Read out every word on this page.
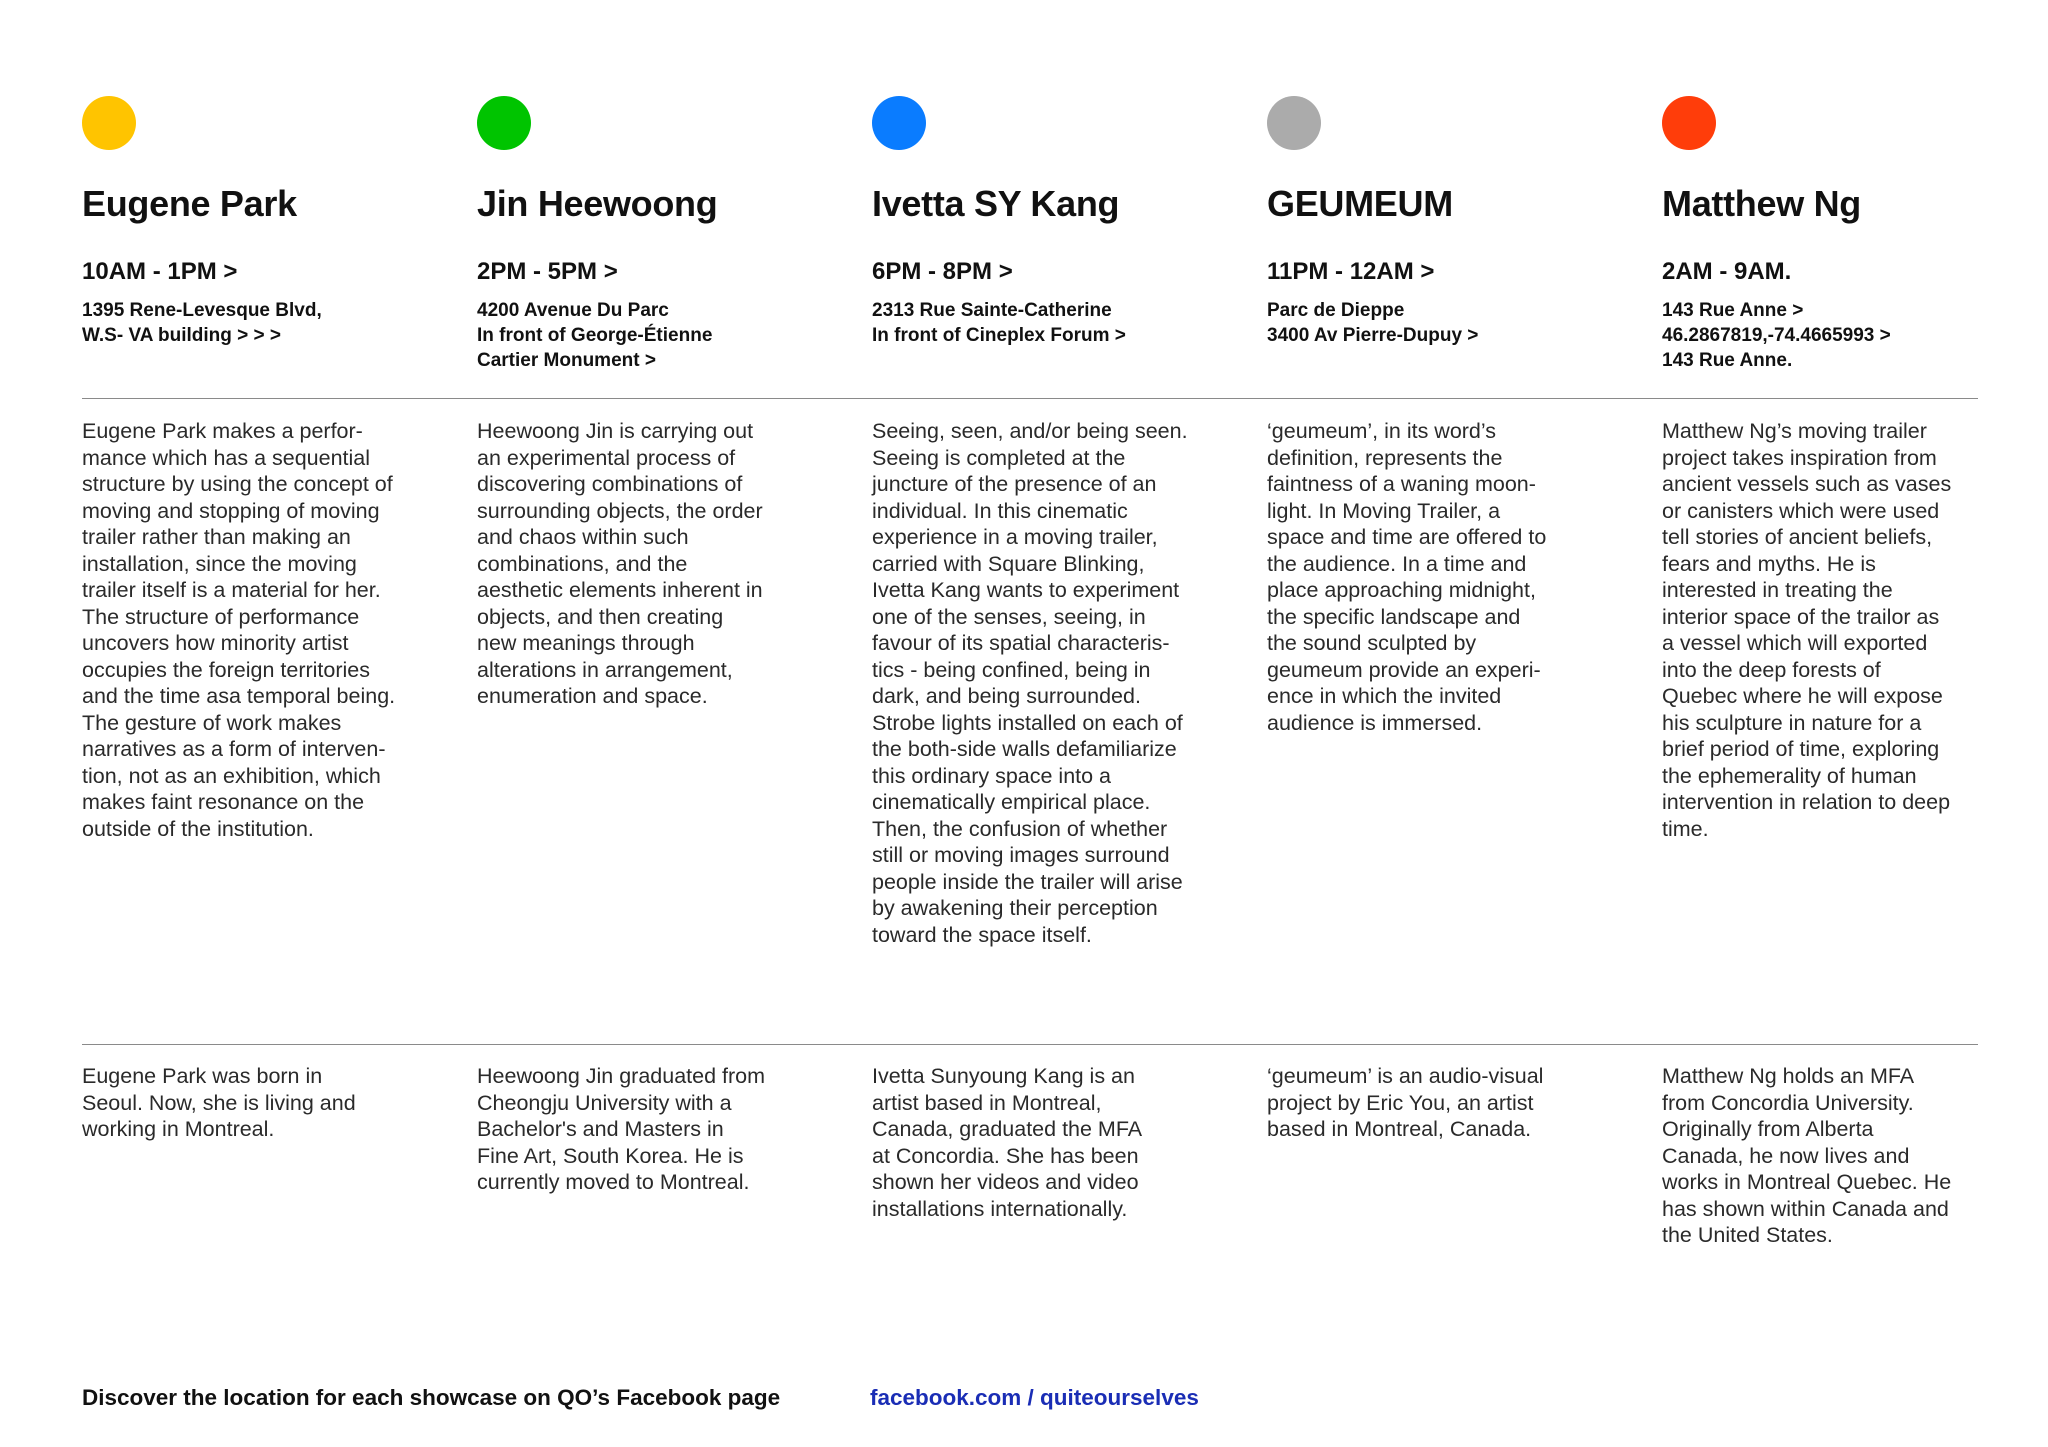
Eugene Park
10AM - 1PM >
1395 Rene-Levesque Blvd,
W.S- VA building > > >
Eugene Park makes a perfor-
mance which has a sequential
structure by using the concept of
moving and stopping of moving
trailer rather than making an
installation, since the moving
trailer itself is a material for her.
The structure of performance
uncovers how minority artist
occupies the foreign territories
and the time asa temporal being.
The gesture of work makes
narratives as a form of interven-
tion, not as an exhibition, which
makes faint resonance on the
outside of the institution.
Eugene Park was born in
Seoul. Now, she is living and
working in Montreal.
Jin Heewoong
2PM - 5PM >
4200 Avenue Du Parc
In front of George-Étienne
Cartier Monument >
Heewoong Jin is carrying out
an experimental process of
discovering combinations of
surrounding objects, the order
and chaos within such
combinations, and the
aesthetic elements inherent in
objects, and then creating
new meanings through
alterations in arrangement,
enumeration and space.
Heewoong Jin graduated from
Cheongju University with a
Bachelor's and Masters in
Fine Art, South Korea. He is
currently moved to Montreal.
Ivetta SY Kang
6PM - 8PM >
2313 Rue Sainte-Catherine
In front of Cineplex Forum >
Seeing, seen, and/or being seen.
Seeing is completed at the
juncture of the presence of an
individual. In this cinematic
experience in a moving trailer,
carried with Square Blinking,
Ivetta Kang wants to experiment
one of the senses, seeing, in
favour of its spatial characteris-
tics - being confined, being in
dark, and being surrounded.
Strobe lights installed on each of
the both-side walls defamiliarize
this ordinary space into a
cinematically empirical place.
Then, the confusion of whether
still or moving images surround
people inside the trailer will arise
by awakening their perception
toward the space itself.
Ivetta Sunyoung Kang is an
artist based in Montreal,
Canada, graduated the MFA
at Concordia. She has been
shown her videos and video
installations internationally.
GEUMEUM
11PM - 12AM >
Parc de Dieppe
3400 Av Pierre-Dupuy >
‘geumeum’, in its word’s
definition, represents the
faintness of a waning moon-
light. In Moving Trailer, a
space and time are offered to
the audience. In a time and
place approaching midnight,
the specific landscape and
the sound sculpted by
geumeum provide an experi-
ence in which the invited
audience is immersed.
‘geumeum’ is an audio-visual
project by Eric You, an artist
based in Montreal, Canada.
Matthew Ng
2AM - 9AM.
143 Rue Anne >
46.2867819,-74.4665993 >
143 Rue Anne.
Matthew Ng’s moving trailer
project takes inspiration from
ancient vessels such as vases
or canisters which were used
tell stories of ancient beliefs,
fears and myths. He is
interested in treating the
interior space of the trailor as
a vessel which will exported
into the deep forests of
Quebec where he will expose
his sculpture in nature for a
brief period of time, exploring
the ephemerality of human
intervention in relation to deep
time.
Matthew Ng holds an MFA
from Concordia University.
Originally from Alberta
Canada, he now lives and
works in Montreal Quebec. He
has shown within Canada and
the United States.
Discover the location for each showcase on QO’s Facebook page	facebook.com / quiteourselves
